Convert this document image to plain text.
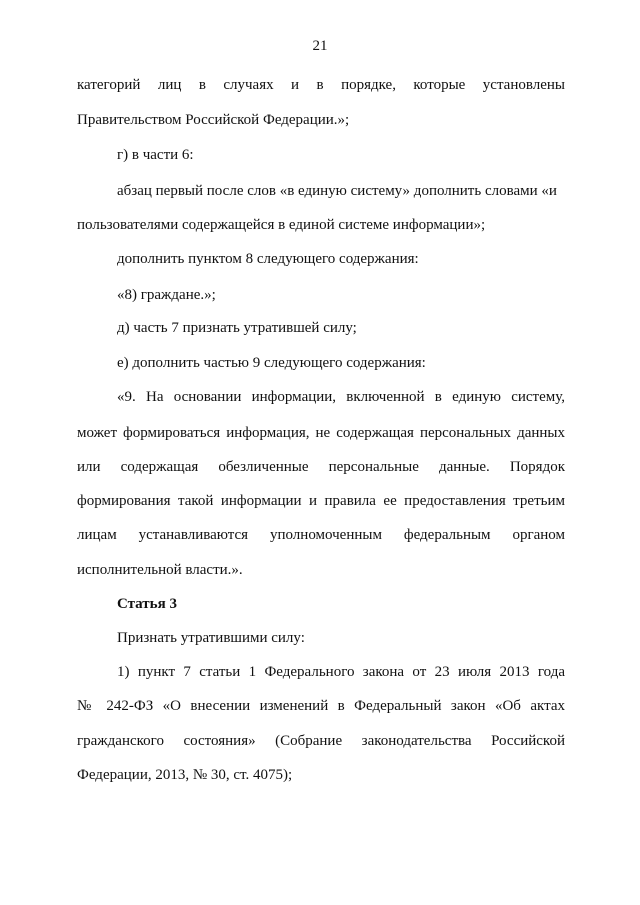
21
категорий лиц в случаях и в порядке, которые установлены
Правительством Российской Федерации.»;
г) в части 6:
абзац первый после слов «в единую систему» дополнить словами «и
пользователями содержащейся в единой системе информации»;
дополнить пунктом 8 следующего содержания:
«8) граждане.»;
д) часть 7 признать утратившей силу;
е) дополнить частью 9 следующего содержания:
«9. На основании информации, включенной в единую систему,
может формироваться информация, не содержащая персональных данных
или содержащая обезличенные персональные данные. Порядок
формирования такой информации и правила ее предоставления третьим
лицам устанавливаются уполномоченным федеральным органом
исполнительной власти.».
Статья 3
Признать утратившими силу:
1) пункт 7 статьи 1 Федерального закона от 23 июля 2013 года
№ 242-ФЗ «О внесении изменений в Федеральный закон «Об актах
гражданского состояния» (Собрание законодательства Российской
Федерации, 2013, № 30, ст. 4075);
